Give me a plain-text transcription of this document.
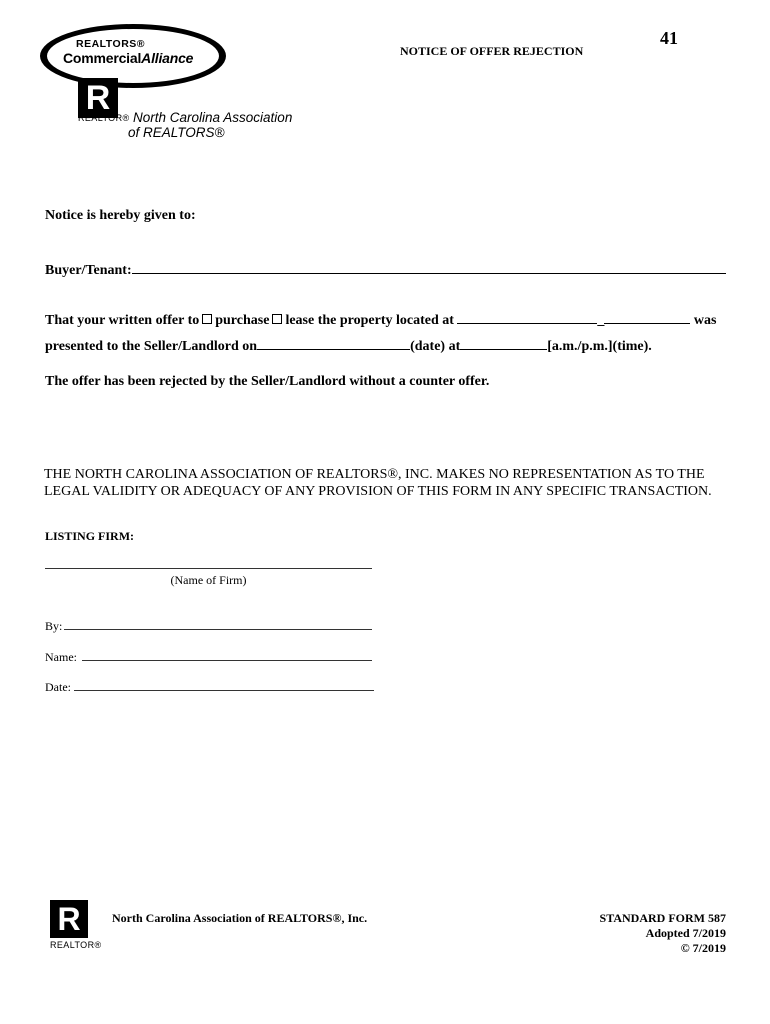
REALTORS®
CommercialAlliance
R
REALTOR® North Carolina Association
of REALTORS®
41
NOTICE OF OFFER REJECTION
Notice is hereby given to:
Buyer/Tenant:
That your written offer to purchase lease the property located at	_	was
presented to the Seller/Landlord on	(date) at	[a.m./p.m.](time).
The offer has been rejected by the Seller/Landlord without a counter offer.
THE NORTH CAROLINA ASSOCIATION OF REALTORS®, INC. MAKES NO REPRESENTATION AS TO THE LEGAL VALIDITY OR ADEQUACY OF ANY PROVISION OF THIS FORM IN ANY SPECIFIC TRANSACTION.
LISTING FIRM:
(Name of Firm)
By:
Name:
Date:
R
REALTOR®
North Carolina Association of REALTORS®, Inc.	STANDARD FORM 587
Adopted 7/2019
© 7/2019
